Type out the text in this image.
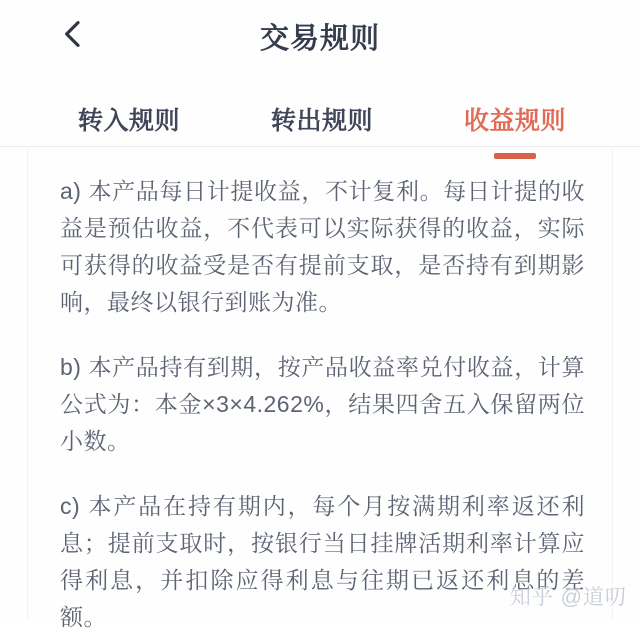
交易规则
转入规则	转出规则	收益规则

a) 本产品每日计提收益，不计复利。每日计提的收益是预估收益，不代表可以实际获得的收益，实际可获得的收益受是否有提前支取，是否持有到期影响，最终以银行到账为准。

b) 本产品持有到期，按产品收益率兑付收益，计算公式为：本金×3×4.262%，结果四舍五入保留两位小数。

c) 本产品在持有期内，每个月按满期利率返还利息；提前支取时，按银行当日挂牌活期利率计算应得利息，并扣除应得利息与往期已返还利息的差额。

知乎 @道叨
